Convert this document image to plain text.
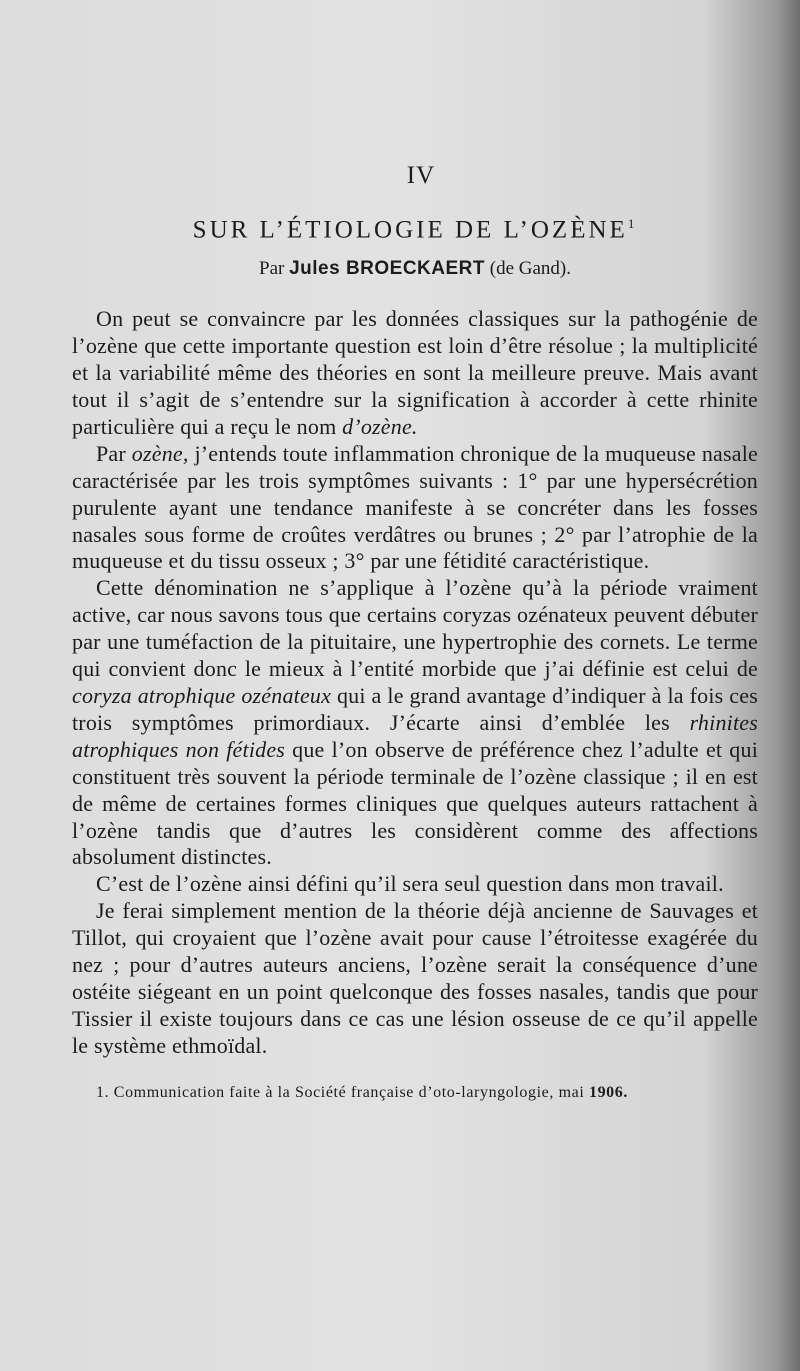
IV
SUR L’ÉTIOLOGIE DE L’OZÈNE$^1$
Par Jules BROECKAERT (de Gand).

On peut se convaincre par les données classiques sur la pathogénie de l’ozène que cette importante question est loin d’être résolue ; la multiplicité et la variabilité même des théories en sont la meilleure preuve. Mais avant tout il s’agit de s’entendre sur la signification à accorder à cette rhinite particulière qui a reçu le nom d’ozène.

Par ozène, j’entends toute inflammation chronique de la muqueuse nasale caractérisée par les trois symptômes suivants : 1° par une hypersécrétion purulente ayant une tendance manifeste à se concréter dans les fosses nasales sous forme de croûtes verdâtres ou brunes ; 2° par l’atrophie de la muqueuse et du tissu osseux ; 3° par une fétidité caractéristique.

Cette dénomination ne s’applique à l’ozène qu’à la période vraiment active, car nous savons tous que certains coryzas ozénateux peuvent débuter par une tuméfaction de la pituitaire, une hypertrophie des cornets. Le terme qui convient donc le mieux à l’entité morbide que j’ai définie est celui de coryza atrophique ozénateux qui a le grand avantage d’indiquer à la fois ces trois symptômes primordiaux. J’écarte ainsi d’emblée les rhinites atrophiques non fétides que l’on observe de préférence chez l’adulte et qui constituent très souvent la période terminale de l’ozène classique ; il en est de même de certaines formes cliniques que quelques auteurs rattachent à l’ozène tandis que d’autres les considèrent comme des affections absolument distinctes.

C’est de l’ozène ainsi défini qu’il sera seul question dans mon travail.

Je ferai simplement mention de la théorie déjà ancienne de Sauvages et Tillot, qui croyaient que l’ozène avait pour cause l’étroitesse exagérée du nez ; pour d’autres auteurs anciens, l’ozène serait la conséquence d’une ostéite siégeant en un point quelconque des fosses nasales, tandis que pour Tissier il existe toujours dans ce cas une lésion osseuse de ce qu’il appelle le système ethmoïdal.

1. Communication faite à la Société française d’oto-laryngologie, mai 1906.
